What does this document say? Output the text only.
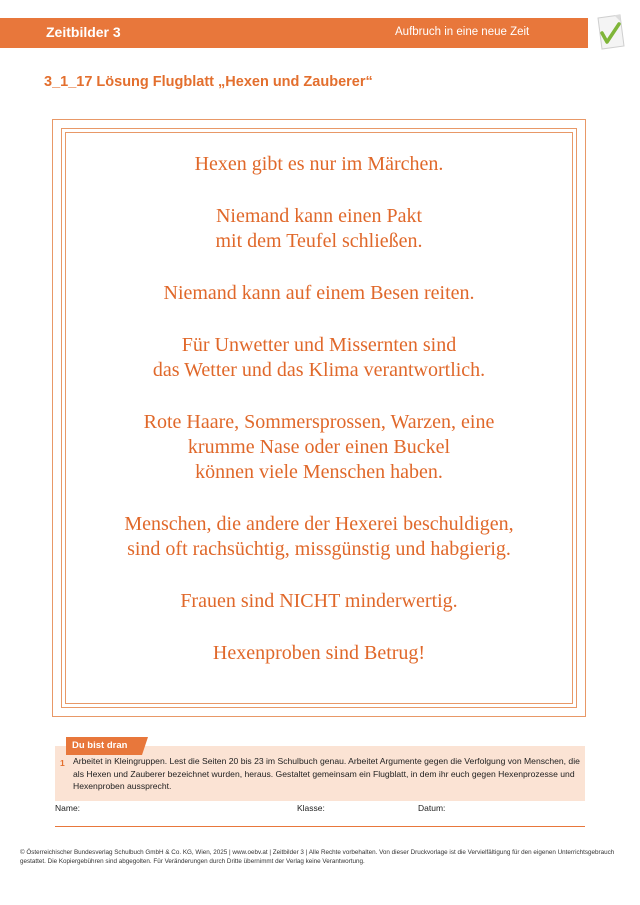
Zeitbilder 3	Aufbruch in eine neue Zeit
3_1_17 Lösung Flugblatt „Hexen und Zauberer“
Hexen gibt es nur im Märchen.
Niemand kann einen Pakt
mit dem Teufel schließen.
Niemand kann auf einem Besen reiten.
Für Unwetter und Missernten sind
das Wetter und das Klima verantwortlich.
Rote Haare, Sommersprossen, Warzen, eine
krumme Nase oder einen Buckel
können viele Menschen haben.
Menschen, die andere der Hexerei beschuldigen,
sind oft rachsüchtig, missgünstig und habgierig.
Frauen sind NICHT minderwertig.
Hexenproben sind Betrug!
Du bist dran
1 Arbeitet in Kleingruppen. Lest die Seiten 20 bis 23 im Schulbuch genau. Arbeitet Argumente gegen die Verfolgung von Menschen, die als Hexen und Zauberer bezeichnet wurden, heraus. Gestaltet gemeinsam ein Flugblatt, in dem ihr euch gegen Hexenprozesse und Hexenproben aussprecht.
Name:	Klasse:	Datum:
© Österreichischer Bundesverlag Schulbuch GmbH & Co. KG, Wien, 2025 | www.oebv.at | Zeitbilder 3 | Alle Rechte vorbehalten. Von dieser Druckvorlage ist die Vervielfältigung für den eigenen Unterrichtsgebrauch gestattet. Die Kopiergebühren sind abgegolten. Für Veränderungen durch Dritte übernimmt der Verlag keine Verantwortung.
